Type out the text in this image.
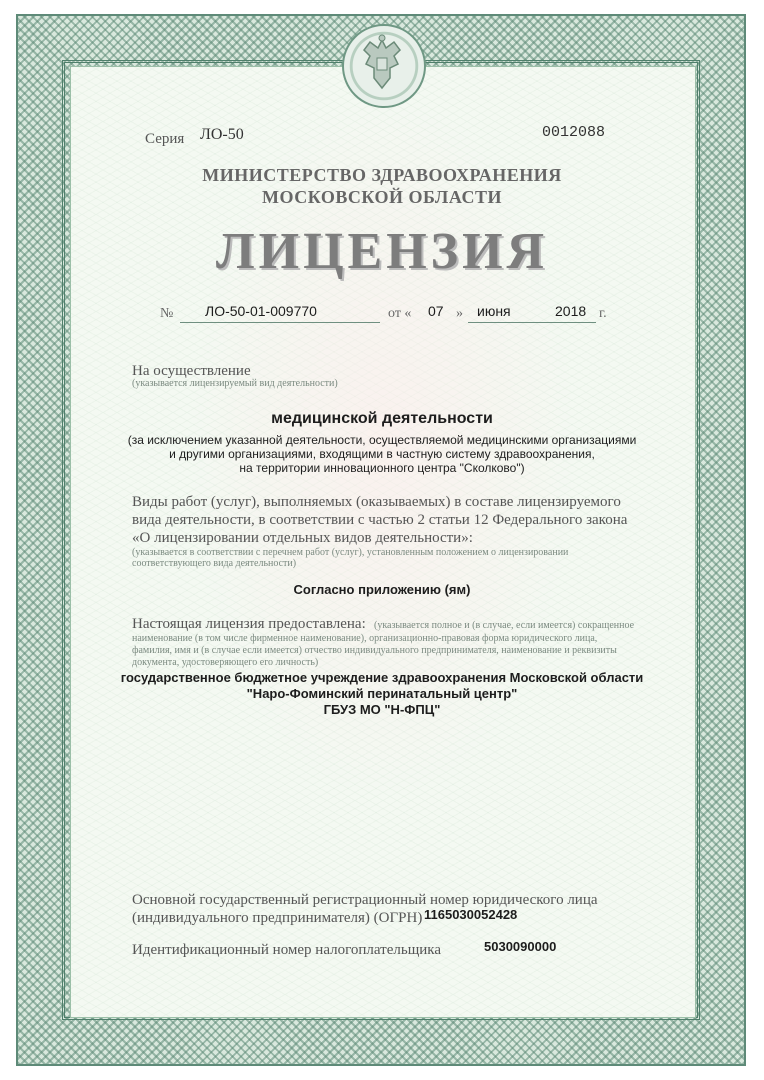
Серия ЛО-50	0012088
МИНИСТЕРСТВО ЗДРАВООХРАНЕНИЯ
МОСКОВСКОЙ ОБЛАСТИ
ЛИЦЕНЗИЯ
№ ЛО-50-01-009770	от « 07 » июня	2018 г.
На осуществление
(указывается лицензируемый вид деятельности)
медицинской деятельности
(за исключением указанной деятельности, осуществляемой медицинскими организациями
и другими организациями, входящими в частную систему здравоохранения,
на территории инновационного центра "Сколково")
Виды работ (услуг), выполняемых (оказываемых) в составе лицензируемого
вида деятельности, в соответствии с частью 2 статьи 12 Федерального закона
«О лицензировании отдельных видов деятельности»:
(указывается в соответствии с перечнем работ (услуг), установленным положением о лицензировании
соответствующего вида деятельности)
Согласно приложению (ям)
Настоящая лицензия предоставлена: (указывается полное и (в случае, если имеется) сокращенное
наименование (в том числе фирменное наименование), организационно-правовая форма юридического лица,
фамилия, имя и (в случае если имеется) отчество индивидуального предпринимателя, наименование и реквизиты
документа, удостоверяющего его личность)
государственное бюджетное учреждение здравоохранения Московской области
"Наро-Фоминский перинатальный центр"
ГБУЗ МО "Н-ФПЦ"
Основной государственный регистрационный номер юридического лица
(индивидуального предпринимателя) (ОГРН) 1165030052428
Идентификационный номер налогоплательщика	5030090000
